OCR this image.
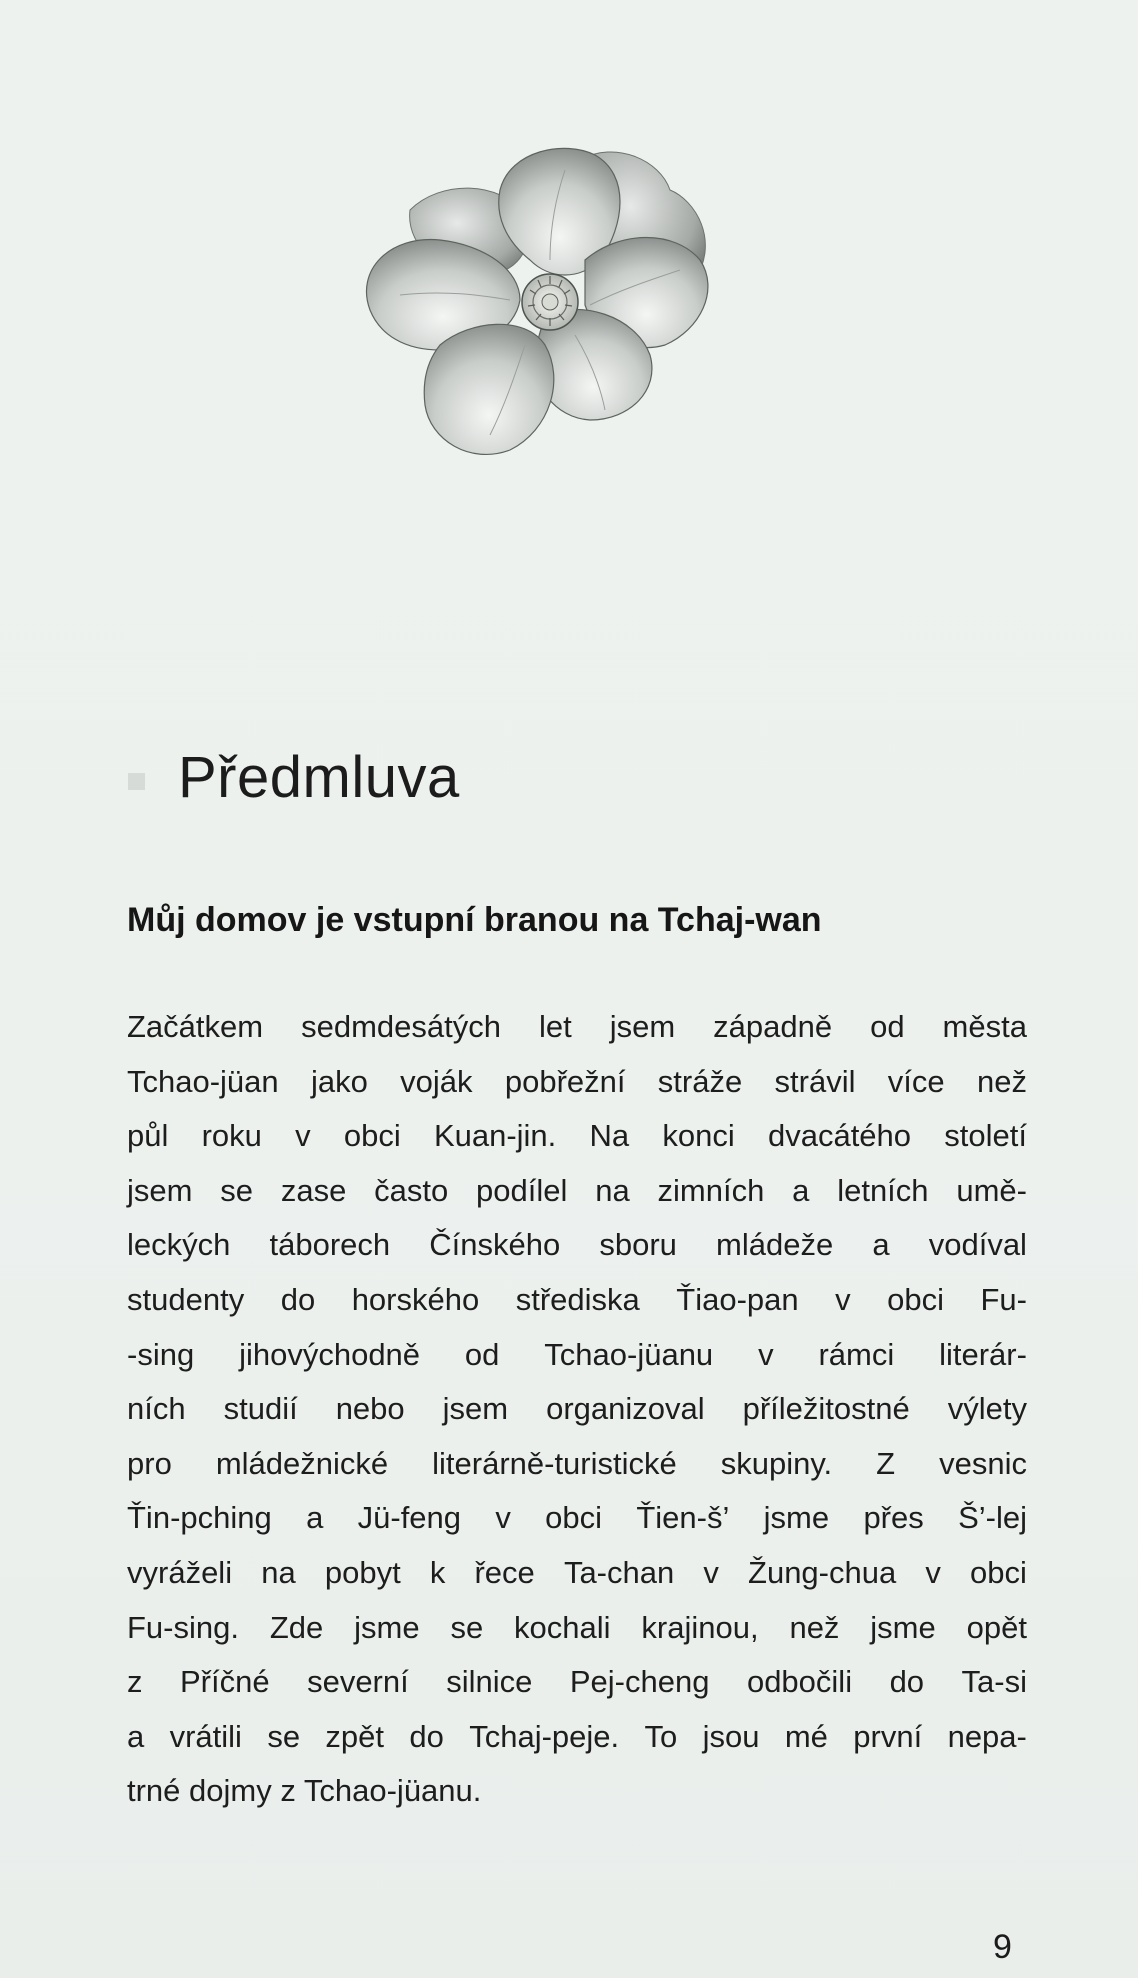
Předmluva
Můj domov je vstupní branou na Tchaj-wan
Začátkem sedmdesátých let jsem západně od města
Tchao-jüan jako voják pobřežní stráže strávil více než
půl roku v obci Kuan-jin. Na konci dvacátého století
jsem se zase často podílel na zimních a letních umě-
leckých táborech Čínského sboru mládeže a vodíval
studenty do horského střediska Ťiao-pan v obci Fu-
-sing jihovýchodně od Tchao-jüanu v rámci literár-
ních studií nebo jsem organizoval příležitostné výlety
pro mládežnické literárně-turistické skupiny. Z vesnic
Ťin-pching a Jü-feng v obci Ťien-š’ jsme přes Š’-lej
vyráželi na pobyt k řece Ta-chan v Žung-chua v obci
Fu-sing. Zde jsme se kochali krajinou, než jsme opět
z Příčné severní silnice Pej-cheng odbočili do Ta-si
a vrátili se zpět do Tchaj-peje. To jsou mé první nepa-
trné dojmy z Tchao-jüanu.
9
